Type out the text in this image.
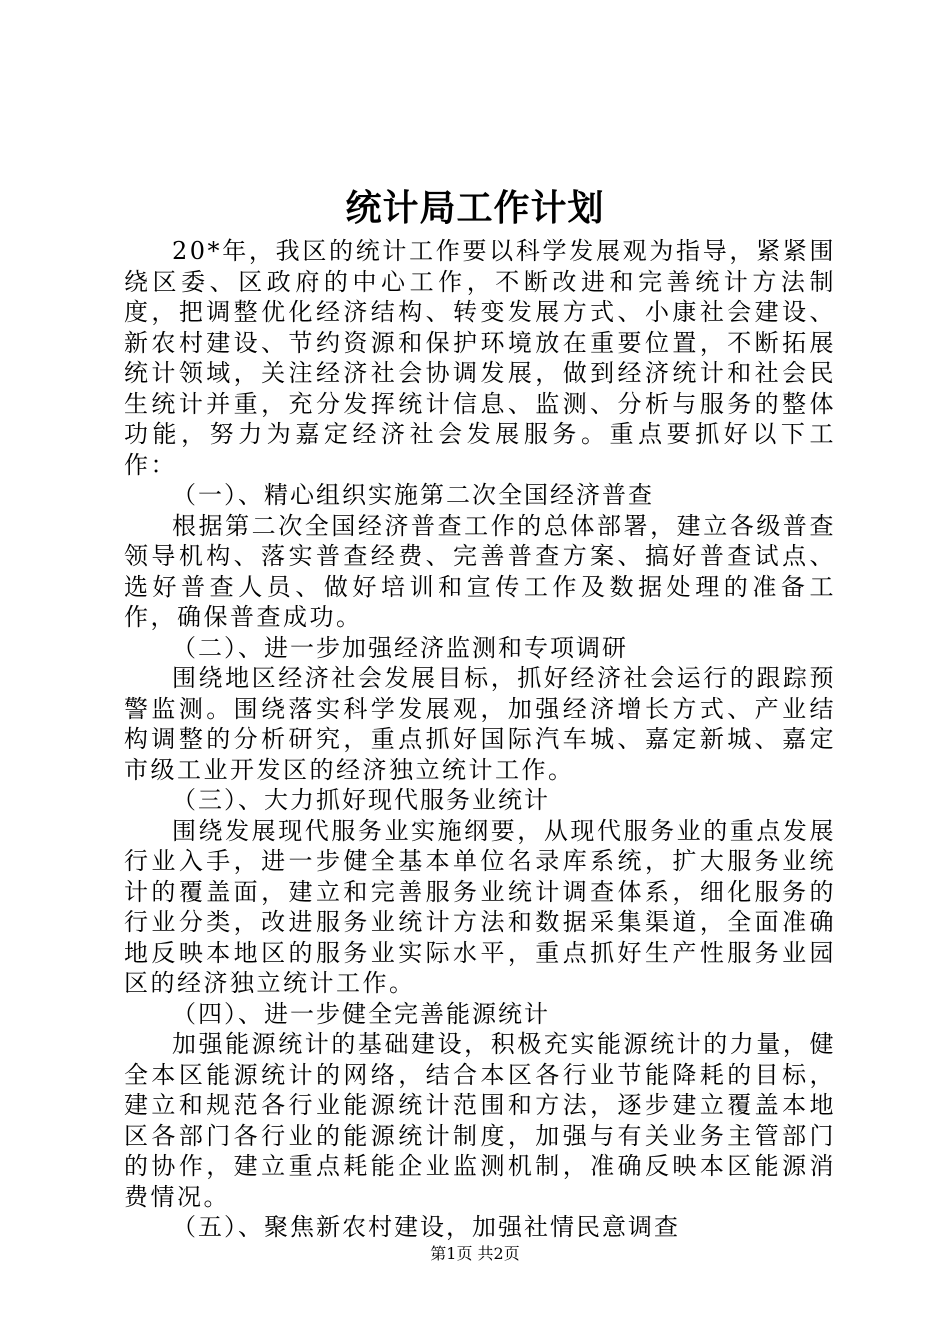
统计局工作计划

20*年，我区的统计工作要以科学发展观为指导，紧紧围绕区委、区政府的中心工作，不断改进和完善统计方法制度，把调整优化经济结构、转变发展方式、小康社会建设、新农村建设、节约资源和保护环境放在重要位置，不断拓展统计领域，关注经济社会协调发展，做到经济统计和社会民生统计并重，充分发挥统计信息、监测、分析与服务的整体功能，努力为嘉定经济社会发展服务。重点要抓好以下工作：

（一）、精心组织实施第二次全国经济普查

根据第二次全国经济普查工作的总体部署，建立各级普查领导机构、落实普查经费、完善普查方案、搞好普查试点、选好普查人员、做好培训和宣传工作及数据处理的准备工作，确保普查成功。

（二）、进一步加强经济监测和专项调研

围绕地区经济社会发展目标，抓好经济社会运行的跟踪预警监测。围绕落实科学发展观，加强经济增长方式、产业结构调整的分析研究，重点抓好国际汽车城、嘉定新城、嘉定市级工业开发区的经济独立统计工作。

（三）、大力抓好现代服务业统计

围绕发展现代服务业实施纲要，从现代服务业的重点发展行业入手，进一步健全基本单位名录库系统，扩大服务业统计的覆盖面，建立和完善服务业统计调查体系，细化服务的行业分类，改进服务业统计方法和数据采集渠道，全面准确地反映本地区的服务业实际水平，重点抓好生产性服务业园区的经济独立统计工作。

（四）、进一步健全完善能源统计

加强能源统计的基础建设，积极充实能源统计的力量，健全本区能源统计的网络，结合本区各行业节能降耗的目标，建立和规范各行业能源统计范围和方法，逐步建立覆盖本地区各部门各行业的能源统计制度，加强与有关业务主管部门的协作，建立重点耗能企业监测机制，准确反映本区能源消费情况。

（五）、聚焦新农村建设，加强社情民意调查

第1页 共2页
